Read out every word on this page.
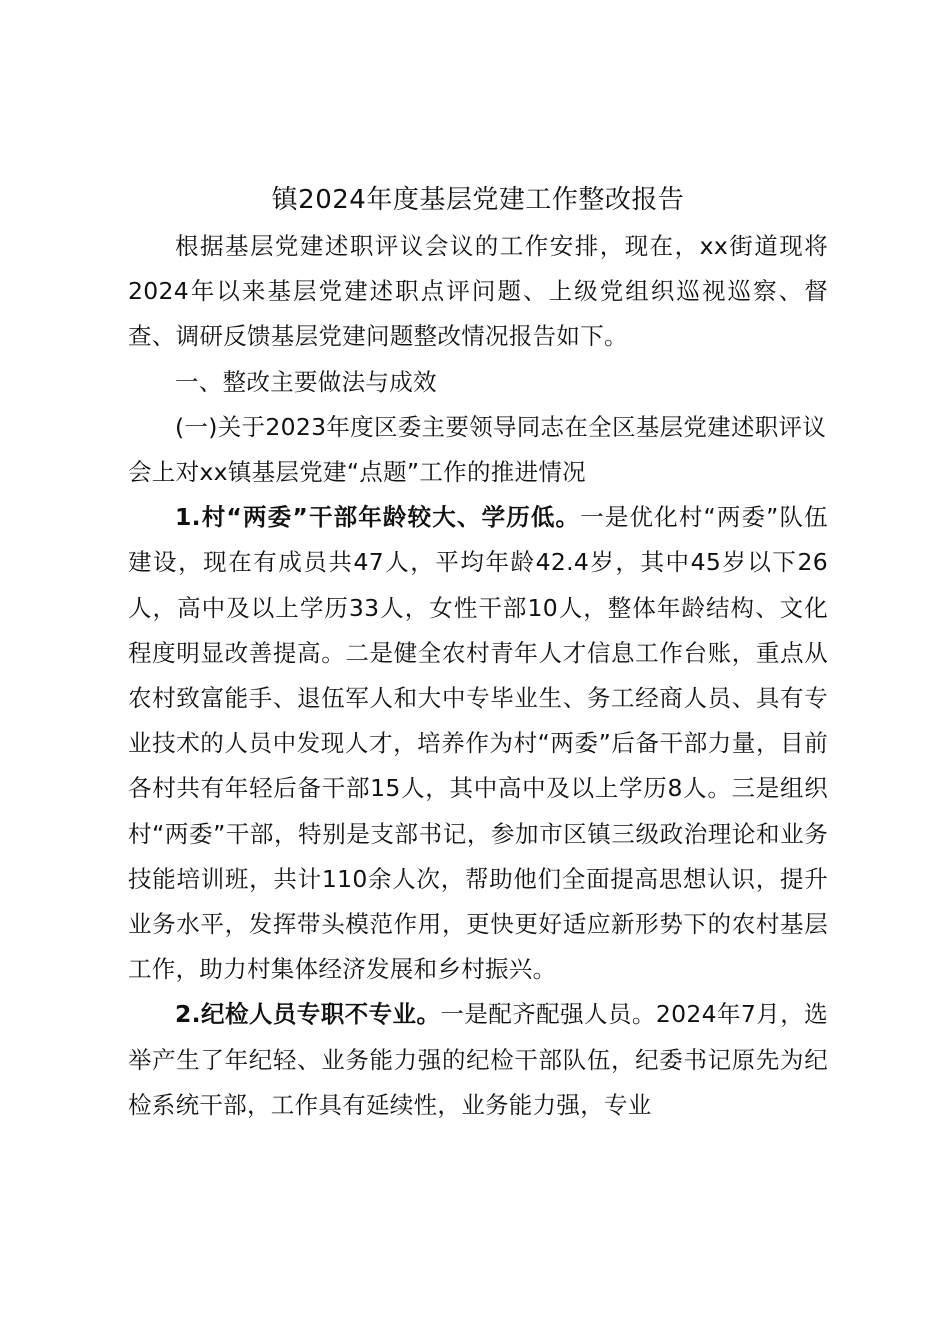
镇2024年度基层党建工作整改报告

根据基层党建述职评议会议的工作安排，现在，xx街道现将2024年以来基层党建述职点评问题、上级党组织巡视巡察、督查、调研反馈基层党建问题整改情况报告如下。

一、整改主要做法与成效

(一)关于2023年度区委主要领导同志在全区基层党建述职评议会上对xx镇基层党建“点题”工作的推进情况

1.村“两委”干部年龄较大、学历低。一是优化村“两委”队伍建设，现在有成员共47人，平均年龄42.4岁，其中45岁以下26人，高中及以上学历33人，女性干部10人，整体年龄结构、文化程度明显改善提高。二是健全农村青年人才信息工作台账，重点从农村致富能手、退伍军人和大中专毕业生、务工经商人员、具有专业技术的人员中发现人才，培养作为村“两委”后备干部力量，目前各村共有年轻后备干部15人，其中高中及以上学历8人。三是组织村“两委”干部，特别是支部书记，参加市区镇三级政治理论和业务技能培训班，共计110余人次，帮助他们全面提高思想认识，提升业务水平，发挥带头模范作用，更快更好适应新形势下的农村基层工作，助力村集体经济发展和乡村振兴。

2.纪检人员专职不专业。一是配齐配强人员。2024年7月，选举产生了年纪轻、业务能力强的纪检干部队伍，纪委书记原先为纪检系统干部，工作具有延续性，业务能力强，专业
